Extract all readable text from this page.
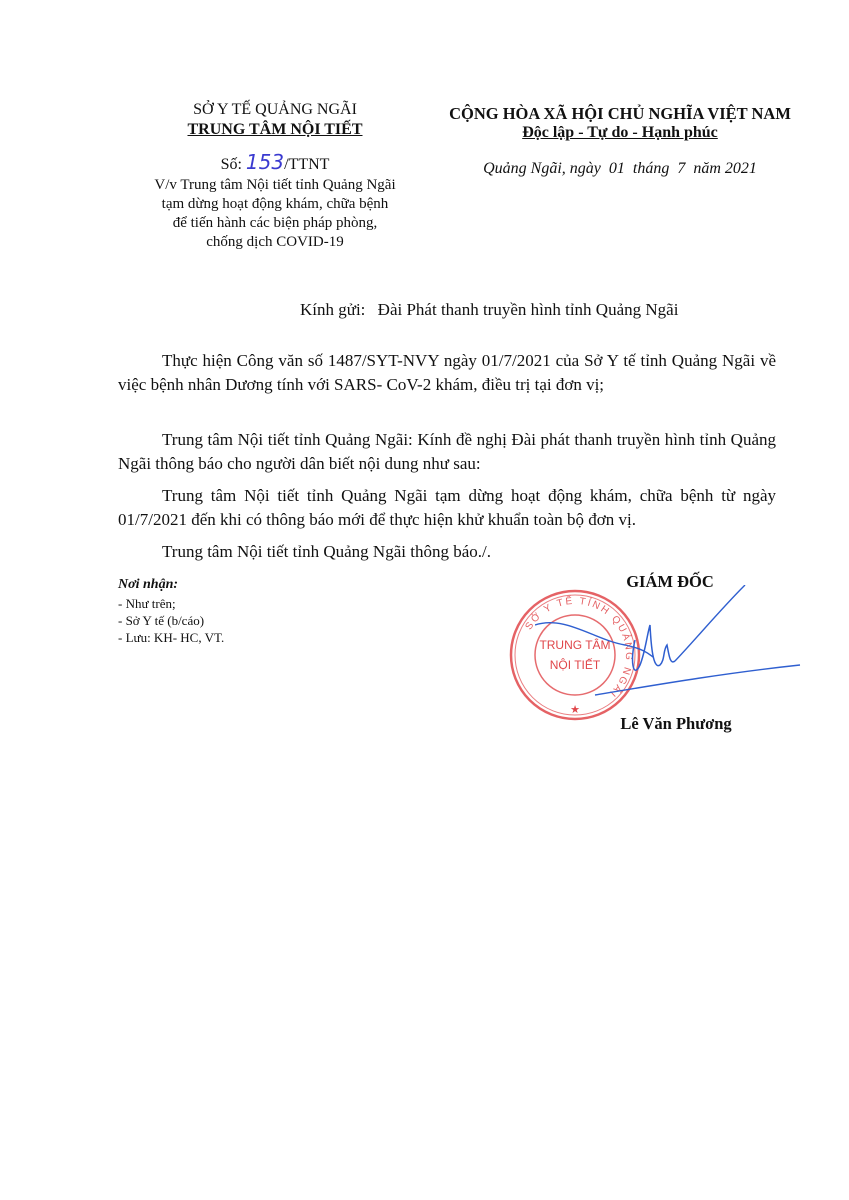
SỞ Y TẾ QUẢNG NGÃI
TRUNG TÂM NỘI TIẾT
Số: 153/TTNT
V/v Trung tâm Nội tiết tỉnh Quảng Ngãi
tạm dừng hoạt động khám, chữa bệnh
để tiến hành các biện pháp phòng,
chống dịch COVID-19
CỘNG HÒA XÃ HỘI CHỦ NGHĨA VIỆT NAM
Độc lập - Tự do - Hạnh phúc
Quảng Ngãi, ngày  01  tháng  7  năm 2021
Kính gửi: Đài Phát thanh truyền hình tỉnh Quảng Ngãi
Thực hiện Công văn số 1487/SYT-NVY ngày 01/7/2021 của Sở Y tế tỉnh Quảng Ngãi về việc bệnh nhân Dương tính với SARS- CoV-2 khám, điều trị tại đơn vị;
Trung tâm Nội tiết tỉnh Quảng Ngãi: Kính đề nghị Đài phát thanh truyền hình tỉnh Quảng Ngãi thông báo cho người dân biết nội dung như sau:
Trung tâm Nội tiết tỉnh Quảng Ngãi tạm dừng hoạt động khám, chữa bệnh từ ngày 01/7/2021 đến khi có thông báo mới để thực hiện khử khuẩn toàn bộ đơn vị.
Trung tâm Nội tiết tỉnh Quảng Ngãi thông báo./.
Nơi nhận:
- Như trên;
- Sở Y tế (b/cáo)
- Lưu: KH- HC, VT.
GIÁM ĐỐC
SỞ Y TẾ TỈNH QUẢNG NGÃI
TRUNG TÂM
NỘI TIẾT
★
Lê Văn Phương
